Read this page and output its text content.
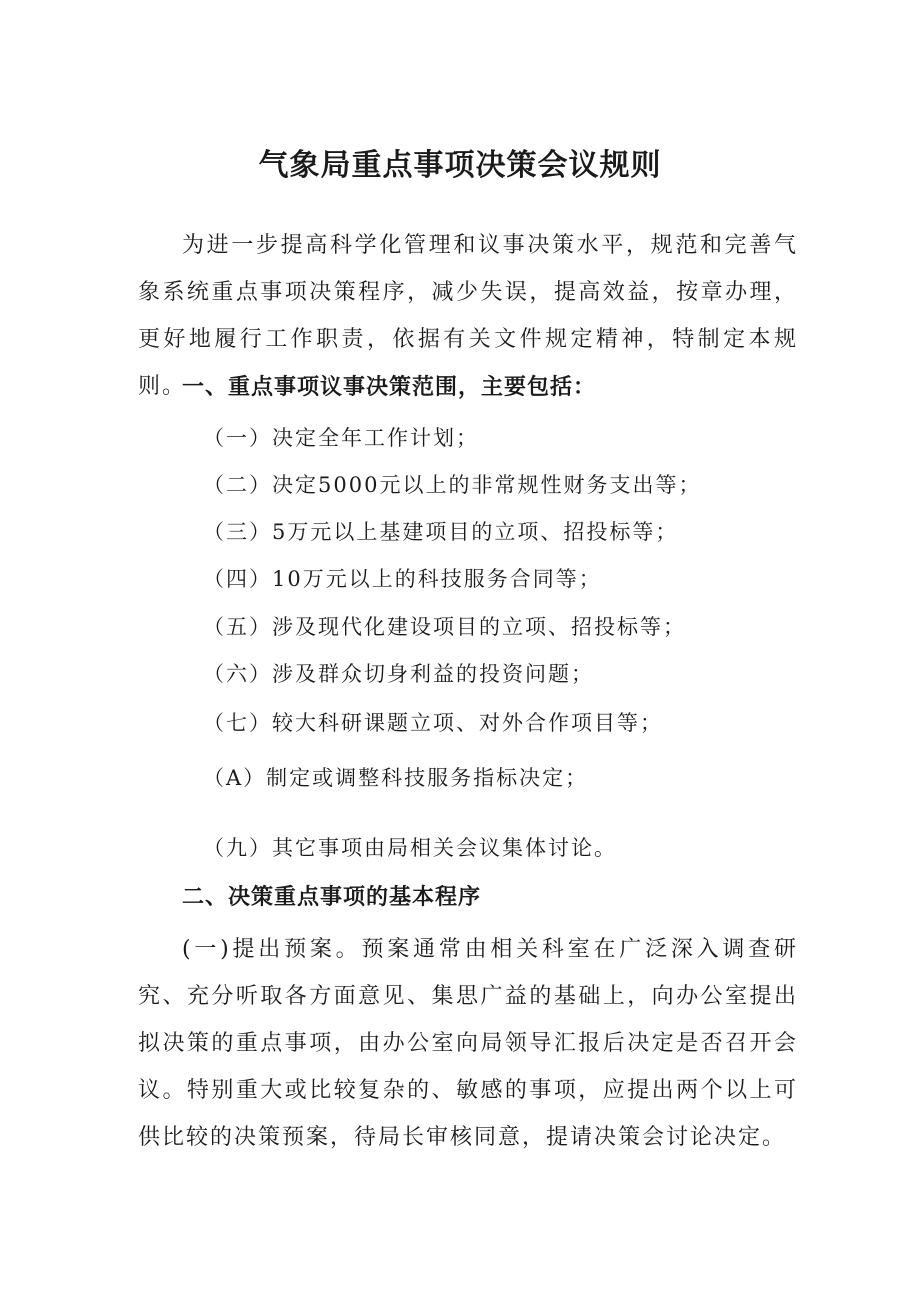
气象局重点事项决策会议规则
为进一步提高科学化管理和议事决策水平，规范和完善气象系统重点事项决策程序，减少失误，提高效益，按章办理，更好地履行工作职责，依据有关文件规定精神，特制定本规则。
一、重点事项议事决策范围，主要包括：
（一）决定全年工作计划；
（二）决定5000元以上的非常规性财务支出等；
（三）5万元以上基建项目的立项、招投标等；
（四）10万元以上的科技服务合同等；
（五）涉及现代化建设项目的立项、招投标等；
（六）涉及群众切身利益的投资问题；
（七）较大科研课题立项、对外合作项目等；
（A）制定或调整科技服务指标决定；
（九）其它事项由局相关会议集体讨论。
二、决策重点事项的基本程序
(一)提出预案。预案通常由相关科室在广泛深入调查研究、充分听取各方面意见、集思广益的基础上，向办公室提出拟决策的重点事项，由办公室向局领导汇报后决定是否召开会议。特别重大或比较复杂的、敏感的事项，应提出两个以上可供比较的决策预案，待局长审核同意，提请决策会讨论决定。
